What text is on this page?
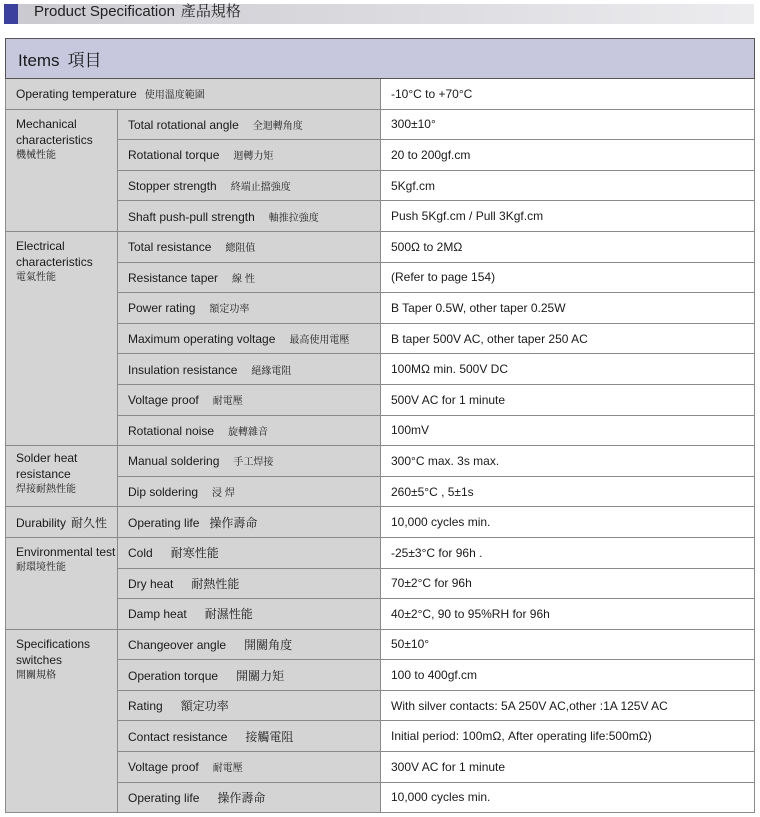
Product Specification 產品規格
Items 項目		
Operating temperature 使用溫度範圍		-10°C to +70°C
Mechanical characteristics
機械性能	Total rotational angle 全迴轉角度	300±10°
	Rotational torque 迴轉力矩	20 to 200gf.cm
	Stopper strength 終端止擋強度	5Kgf.cm
	Shaft push-pull strength 軸推拉強度	Push 5Kgf.cm / Pull 3Kgf.cm
Electrical characteristics
電氣性能	Total resistance 總阻值	500Ω to 2MΩ
	Resistance taper 線 性	(Refer to page 154)
	Power rating 額定功率	B Taper 0.5W, other taper 0.25W
	Maximum operating voltage 最高使用電壓	B taper 500V AC, other taper 250 AC
	Insulation resistance 絕緣電阻	100MΩ min. 500V DC
	Voltage proof 耐電壓	500V AC for 1 minute
	Rotational noise 旋轉雜音	100mV
Solder heat resistance
焊接耐熱性能	Manual soldering 手工焊接	300°C max. 3s max.
	Dip soldering 浸 焊	260±5°C , 5±1s
Durability 耐久性	Operating life 操作壽命	10,000 cycles min.
Environmental test
耐環境性能	Cold 耐寒性能	-25±3°C for 96h .
	Dry heat 耐熱性能	70±2°C for 96h
	Damp heat 耐濕性能	40±2°C, 90 to 95%RH for 96h
Specifications switches
開關規格	Changeover angle 開關角度	50±10°
	Operation torque 開關力矩	100 to 400gf.cm
	Rating 額定功率	With silver contacts: 5A 250V AC,other :1A 125V AC
	Contact resistance 接觸電阻	Initial period: 100mΩ, After operating life:500mΩ)
	Voltage proof 耐電壓	300V AC for 1 minute
	Operating life 操作壽命	10,000 cycles min.
